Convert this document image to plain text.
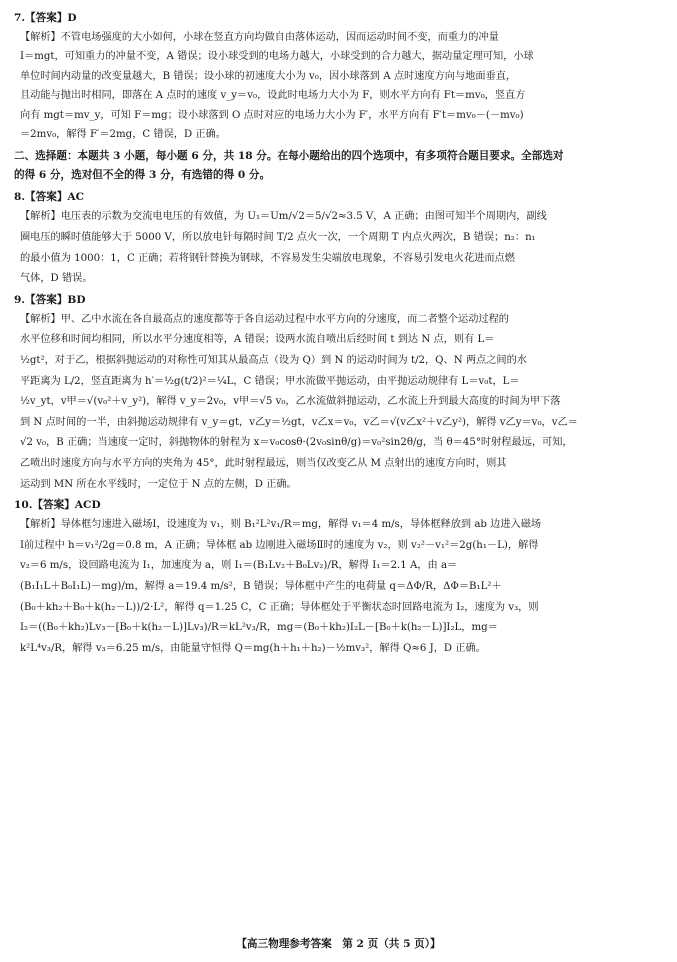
7.【答案】D
【解析】不管电场强度的大小如何，小球在竖直方向均做自由落体运动，因而运动时间不变，而重力的冲量
I＝mgt，可知重力的冲量不变，A 错误；设小球受到的电场力越大，小球受到的合力越大，据动量定理可知，小球
单位时间内动量的改变量越大，B 错误；设小球的初速度大小为 v₀，因小球落到 A 点时速度方向与地面垂直，
且动能与抛出时相同，即落在 A 点时的速度 v_y＝v₀，设此时电场力大小为 F，则水平方向有 Ft＝mv₀，竖直方
向有 mgt＝mv_y，可知 F＝mg；设小球落到 O 点时对应的电场力大小为 F′，水平方向有 F′t＝mv₀－(－mv₀)
＝2mv₀，解得 F′＝2mg，C 错误，D 正确。
二、选择题：本题共 3 小题，每小题 6 分，共 18 分。在每小题给出的四个选项中，有多项符合题目要求。全部选对
的得 6 分，选对但不全的得 3 分，有选错的得 0 分。
8.【答案】AC
【解析】电压表的示数为交流电电压的有效值，为 U₁＝Um/√2＝5/√2≈3.5 V，A 正确；由图可知半个周期内，副线
圈电压的瞬时值能够大于 5000 V，所以放电针每隔时间 T/2 点火一次，一个周期 T 内点火两次，B 错误；n₂：n₁
的最小值为 1000：1，C 正确；若将钢针替换为钢球，不容易发生尖端放电现象，不容易引发电火花进而点燃
气体，D 错误。
9.【答案】BD
【解析】甲、乙中水流在各自最高点的速度都等于各自运动过程中水平方向的分速度，而二者整个运动过程的
水平位移和时间均相同，所以水平分速度相等，A 错误；设两水流自喷出后经时间 t 到达 N 点，则有 L＝
½gt²，对于乙，根据斜抛运动的对称性可知其从最高点（设为 Q）到 N 的运动时间为 t/2，Q、N 两点之间的水
平距离为 L/2，竖直距离为 h′＝½g(t/2)²＝¼L，C 错误；甲水流做平抛运动，由平抛运动规律有 L＝v₀t，L＝
½v_yt，v甲＝√(v₀²＋v_y²)，解得 v_y＝2v₀，v甲＝√5 v₀，乙水流做斜抛运动，乙水流上升到最大高度的时间为甲下落
到 N 点时间的一半，由斜抛运动规律有 v_y＝gt，v乙y＝½gt，v乙x＝v₀，v乙＝√(v乙x²＋v乙y²)，解得 v乙y＝v₀，v乙＝
√2 v₀，B 正确；当速度一定时，斜抛物体的射程为 x＝v₀cosθ·(2v₀sinθ/g)＝v₀²sin2θ/g，当 θ＝45°时射程最远，可知，
乙喷出时速度方向与水平方向的夹角为 45°，此时射程最远，则当仅改变乙从 M 点射出的速度方向时，则其
运动到 MN 所在水平线时，一定位于 N 点的左侧，D 正确。
10.【答案】ACD
【解析】导体框匀速进入磁场Ⅰ，设速度为 v₁，则 B₁²L²v₁/R＝mg，解得 v₁＝4 m/s，导体框释放到 ab 边进入磁场
Ⅰ前过程中 h＝v₁²/2g＝0.8 m，A 正确；导体框 ab 边刚进入磁场Ⅱ时的速度为 v₂，则 v₂²－v₁²＝2g(h₁－L)，解得
v₂＝6 m/s，设回路电流为 I₁，加速度为 a，则 I₁＝(B₁Lv₂＋B₀Lv₂)/R，解得 I₁＝2.1 A，由 a＝
(B₁I₁L＋B₀I₁L)－mg)/m，解得 a＝19.4 m/s²，B 错误；导体框中产生的电荷量 q＝ΔΦ/R，ΔΦ＝B₁L²＋
(B₀＋kh₂＋B₀＋k(h₂－L))/2·L²，解得 q＝1.25 C，C 正确；导体框处于平衡状态时回路电流为 I₂，速度为 v₃，则
I₂＝((B₀＋kh₂)Lv₃－[B₀＋k(h₂－L)]Lv₃)/R＝kL²v₃/R，mg＝(B₀＋kh₂)I₂L－[B₀＋k(h₂－L)]I₂L，mg＝
k²L⁴v₃/R，解得 v₃＝6.25 m/s，由能量守恒得 Q＝mg(h＋h₁＋h₂)－½mv₃²，解得 Q≈6 J，D 正确。
【高三物理参考答案　第 2 页（共 5 页）】
